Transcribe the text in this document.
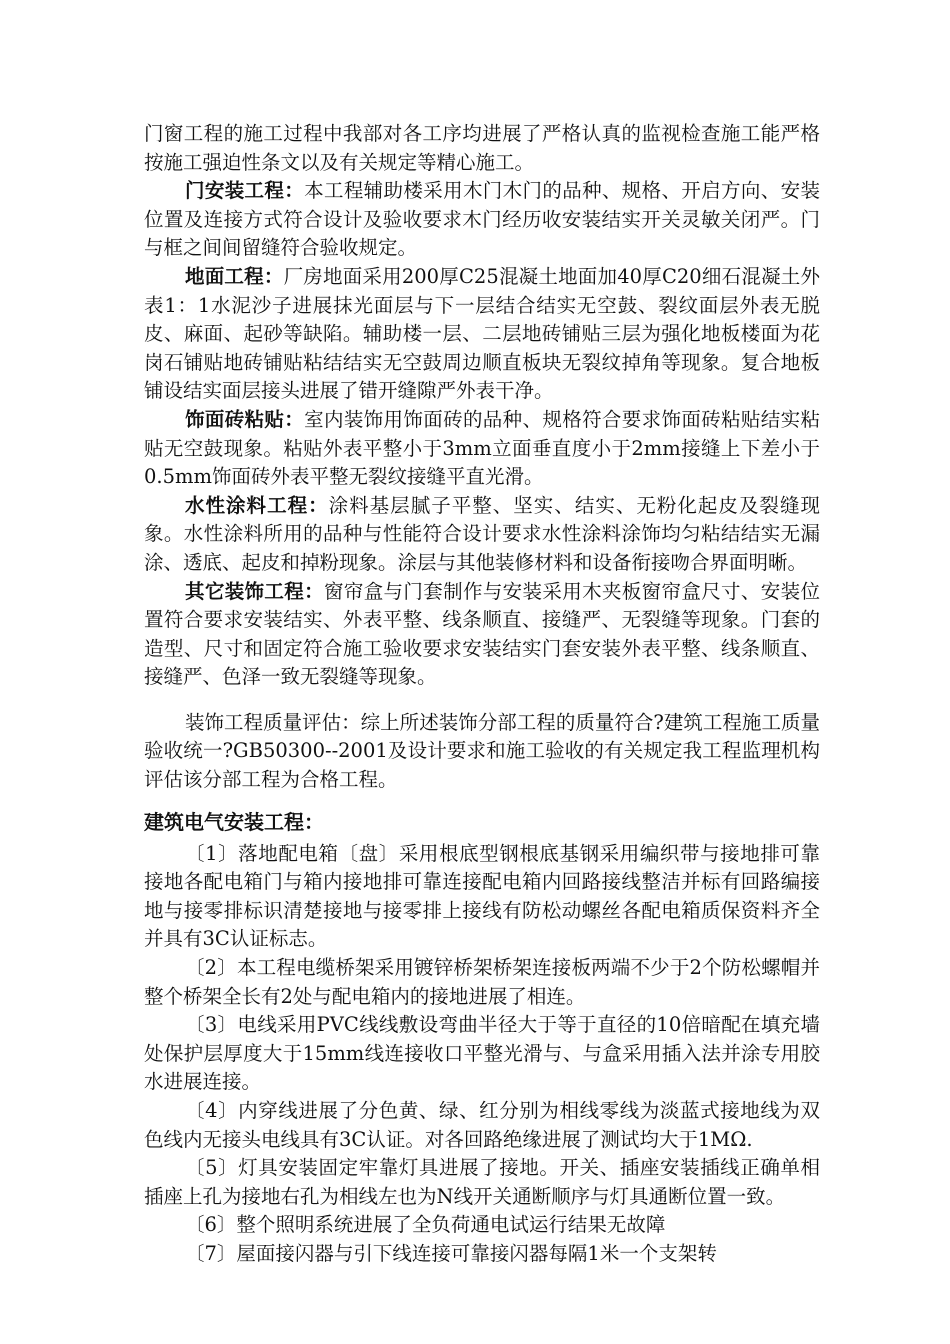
门窗工程的施工过程中我部对各工序均进展了严格认真的监视检查施工能严格按施工强迫性条文以及有关规定等精心施工。

门安装工程：本工程辅助楼采用木门木门的品种、规格、开启方向、安装位置及连接方式符合设计及验收要求木门经历收安装结实开关灵敏关闭严。门与框之间间留缝符合验收规定。

地面工程：厂房地面采用200厚C25混凝土地面加40厚C20细石混凝土外表1：1水泥沙子进展抹光面层与下一层结合结实无空鼓、裂纹面层外表无脱皮、麻面、起砂等缺陷。辅助楼一层、二层地砖铺贴三层为强化地板楼面为花岗石铺贴地砖铺贴粘结结实无空鼓周边顺直板块无裂纹掉角等现象。复合地板铺设结实面层接头进展了错开缝隙严外表干净。

饰面砖粘贴：室内装饰用饰面砖的品种、规格符合要求饰面砖粘贴结实粘贴无空鼓现象。粘贴外表平整小于3mm立面垂直度小于2mm接缝上下差小于0.5mm饰面砖外表平整无裂纹接缝平直光滑。

水性涂料工程：涂料基层腻子平整、坚实、结实、无粉化起皮及裂缝现象。水性涂料所用的品种与性能符合设计要求水性涂料涂饰均匀粘结结实无漏涂、透底、起皮和掉粉现象。涂层与其他装修材料和设备衔接吻合界面明晰。

其它装饰工程：窗帘盒与门套制作与安装采用木夹板窗帘盒尺寸、安装位置符合要求安装结实、外表平整、线条顺直、接缝严、无裂缝等现象。门套的造型、尺寸和固定符合施工验收要求安装结实门套安装外表平整、线条顺直、接缝严、色泽一致无裂缝等现象。

装饰工程质量评估：综上所述装饰分部工程的质量符合?建筑工程施工质量验收统一?GB50300--2001及设计要求和施工验收的有关规定我工程监理机构评估该分部工程为合格工程。

建筑电气安装工程：

〔1〕落地配电箱〔盘〕采用根底型钢根底基钢采用编织带与接地排可靠接地各配电箱门与箱内接地排可靠连接配电箱内回路接线整洁并标有回路编接地与接零排标识清楚接地与接零排上接线有防松动螺丝各配电箱质保资料齐全并具有3C认证标志。

〔2〕本工程电缆桥架采用镀锌桥架桥架连接板两端不少于2个防松螺帽并整个桥架全长有2处与配电箱内的接地进展了相连。

〔3〕电线采用PVC线线敷设弯曲半径大于等于直径的10倍暗配在填充墙处保护层厚度大于15mm线连接收口平整光滑与、与盒采用插入法并涂专用胶水进展连接。

〔4〕内穿线进展了分色黄、绿、红分别为相线零线为淡蓝式接地线为双色线内无接头电线具有3C认证。对各回路绝缘进展了测试均大于1MΩ.

〔5〕灯具安装固定牢靠灯具进展了接地。开关、插座安装插线正确单相插座上孔为接地右孔为相线左也为N线开关通断顺序与灯具通断位置一致。

〔6〕整个照明系统进展了全负荷通电试运行结果无故障

〔7〕屋面接闪器与引下线连接可靠接闪器每隔1米一个支架转
